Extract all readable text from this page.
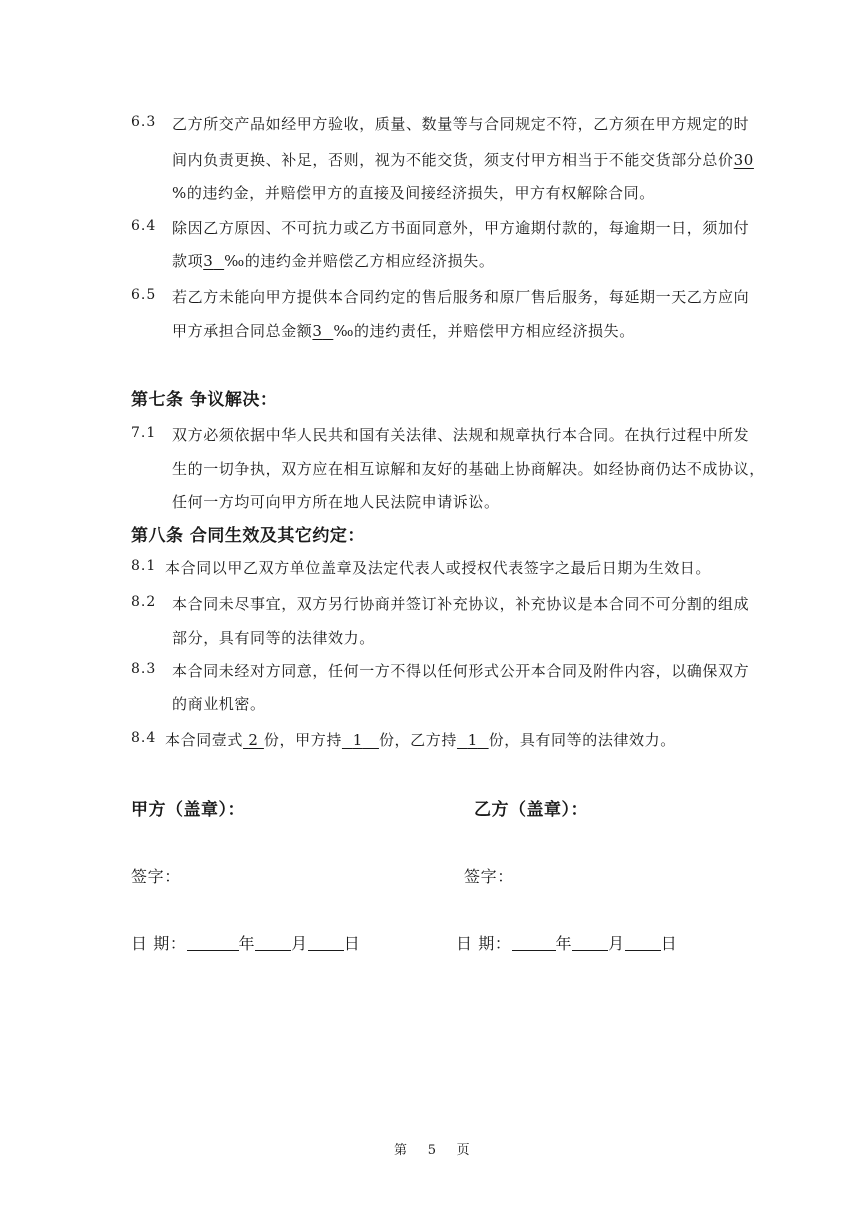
6.3 乙方所交产品如经甲方验收，质量、数量等与合同规定不符，乙方须在甲方规定的时
间内负责更换、补足，否则，视为不能交货，须支付甲方相当于不能交货部分总价30
%的违约金，并赔偿甲方的直接及间接经济损失，甲方有权解除合同。
6.4 除因乙方原因、不可抗力或乙方书面同意外，甲方逾期付款的，每逾期一日，须加付
款项3 ‰的违约金并赔偿乙方相应经济损失。
6.5 若乙方未能向甲方提供本合同约定的售后服务和原厂售后服务，每延期一天乙方应向
甲方承担合同总金额3 ‰的违约责任，并赔偿甲方相应经济损失。
第七条 争议解决：
7.1 双方必须依据中华人民共和国有关法律、法规和规章执行本合同。在执行过程中所发
生的一切争执，双方应在相互谅解和友好的基础上协商解决。如经协商仍达不成协议，
任何一方均可向甲方所在地人民法院申请诉讼。
第八条 合同生效及其它约定：
8.1 本合同以甲乙双方单位盖章及法定代表人或授权代表签字之最后日期为生效日。
8.2 本合同未尽事宜，双方另行协商并签订补充协议，补充协议是本合同不可分割的组成
部分，具有同等的法律效力。
8.3 本合同未经对方同意，任何一方不得以任何形式公开本合同及附件内容，以确保双方
的商业机密。
8.4 本合同壹式 2 份，甲方持 1 份，乙方持 1 份，具有同等的法律效力。
甲方（盖章）：
签字：
日 期：	年 月 日
乙方（盖章）：
签字：
日 期：	年 月 日
第 5 页
